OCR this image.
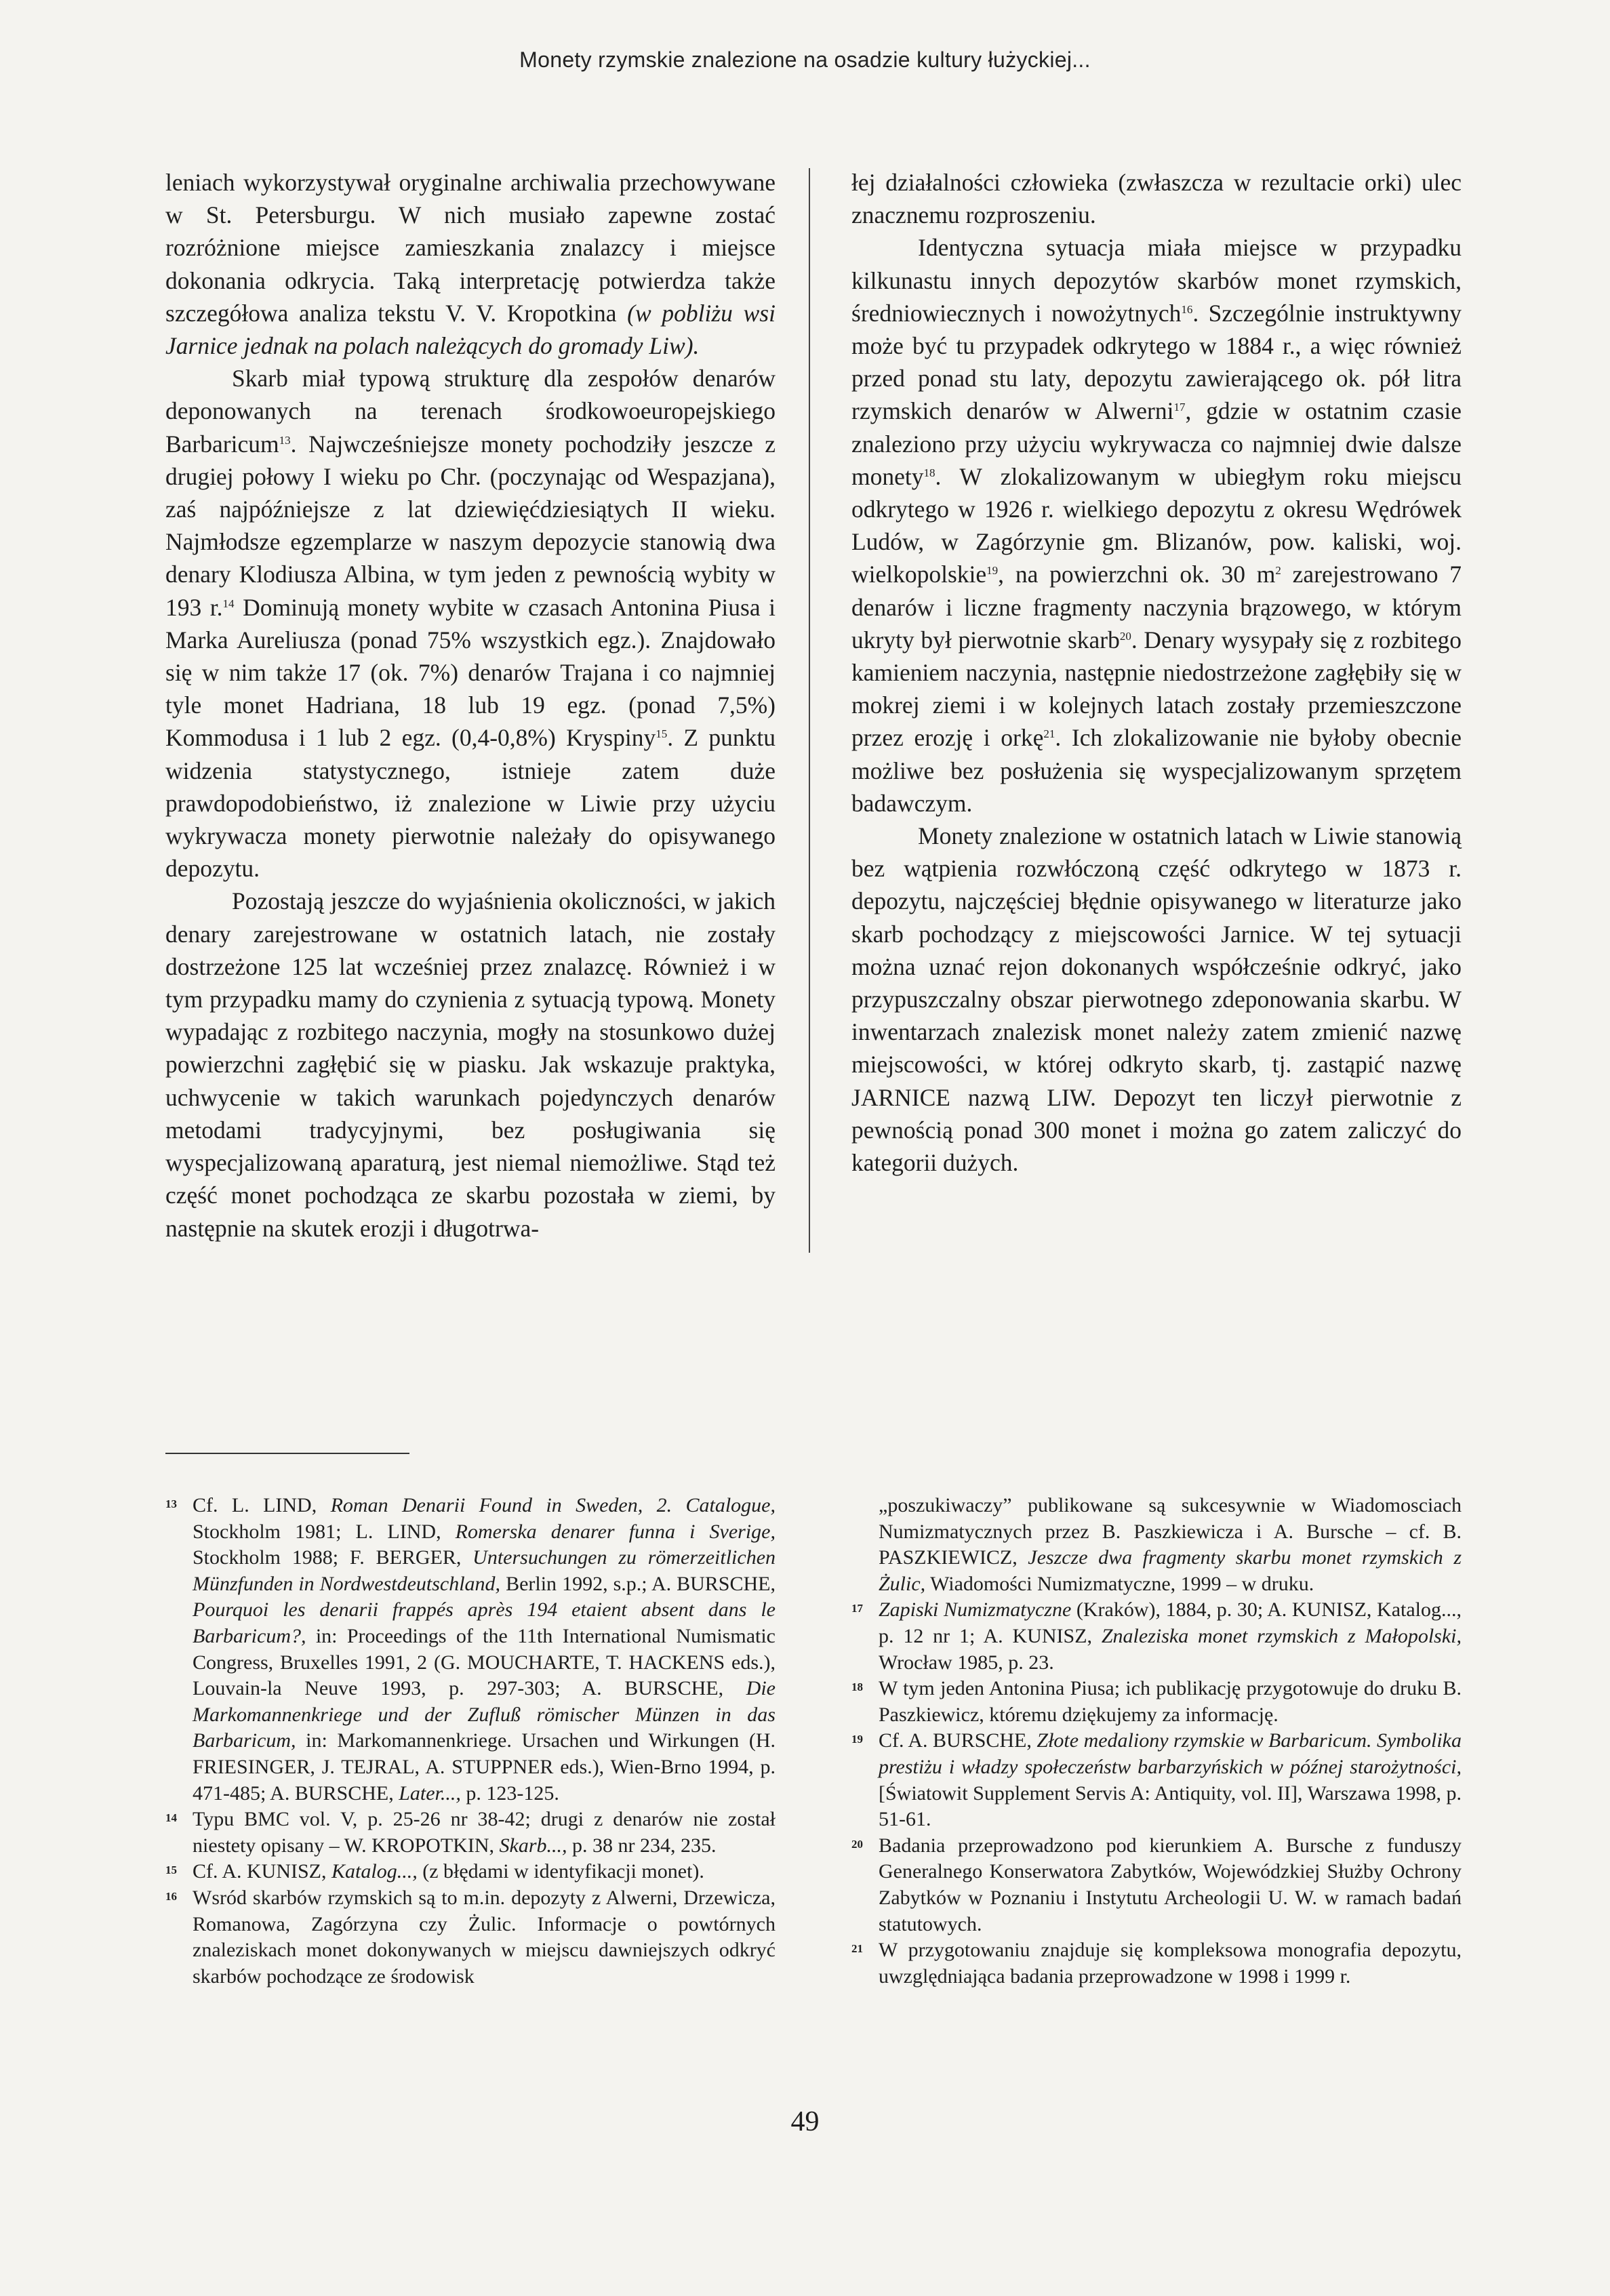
Monety rzymskie znalezione na osadzie kultury łużyckiej...

leniach wykorzystywał oryginalne archiwalia przechowywane w St. Petersburgu. W nich musiało zapewne zostać rozróżnione miejsce zamieszkania znalazcy i miejsce dokonania odkrycia. Taką interpretację potwierdza także szczegółowa analiza tekstu V. V. Kropotkina (w pobliżu wsi Jarnice jednak na polach należących do gromady Liw).

Skarb miał typową strukturę dla zespołów denarów deponowanych na terenach środkowoeuropejskiego Barbaricum$^{13}$. Najwcześniejsze monety pochodziły jeszcze z drugiej połowy I wieku po Chr. (poczynając od Wespazjana), zaś najpóźniejsze z lat dziewięćdziesiątych II wieku. Najmłodsze egzemplarze w naszym depozycie stanowią dwa denary Klodiusza Albina, w tym jeden z pewnością wybity w 193 r.$^{14}$ Dominują monety wybite w czasach Antonina Piusa i Marka Aureliusza (ponad 75% wszystkich egz.). Znajdowało się w nim także 17 (ok. 7%) denarów Trajana i co najmniej tyle monet Hadriana, 18 lub 19 egz. (ponad 7,5%) Kommodusa i 1 lub 2 egz. (0,4-0,8%) Kryspiny$^{15}$. Z punktu widzenia statystycznego, istnieje zatem duże prawdopodobieństwo, iż znalezione w Liwie przy użyciu wykrywacza monety pierwotnie należały do opisywanego depozytu.

Pozostają jeszcze do wyjaśnienia okoliczności, w jakich denary zarejestrowane w ostatnich latach, nie zostały dostrzeżone 125 lat wcześniej przez znalazcę. Również i w tym przypadku mamy do czynienia z sytuacją typową. Monety wypadając z rozbitego naczynia, mogły na stosunkowo dużej powierzchni zagłębić się w piasku. Jak wskazuje praktyka, uchwycenie w takich warunkach pojedynczych denarów metodami tradycyjnymi, bez posługiwania się wyspecjalizowaną aparaturą, jest niemal niemożliwe. Stąd też część monet pochodząca ze skarbu pozostała w ziemi, by następnie na skutek erozji i długotrwa-

łej działalności człowieka (zwłaszcza w rezultacie orki) ulec znacznemu rozproszeniu.

Identyczna sytuacja miała miejsce w przypadku kilkunastu innych depozytów skarbów monet rzymskich, średniowiecznych i nowożytnych$^{16}$. Szczególnie instruktywny może być tu przypadek odkrytego w 1884 r., a więc również przed ponad stu laty, depozytu zawierającego ok. pół litra rzymskich denarów w Alwerni$^{17}$, gdzie w ostatnim czasie znaleziono przy użyciu wykrywacza co najmniej dwie dalsze monety$^{18}$. W zlokalizowanym w ubiegłym roku miejscu odkrytego w 1926 r. wielkiego depozytu z okresu Wędrówek Ludów, w Zagórzynie gm. Blizanów, pow. kaliski, woj. wielkopolskie$^{19}$, na powierzchni ok. 30 $m^2$ zarejestrowano 7 denarów i liczne fragmenty naczynia brązowego, w którym ukryty był pierwotnie skarb$^{20}$. Denary wysypały się z rozbitego kamieniem naczynia, następnie niedostrzeżone zagłębiły się w mokrej ziemi i w kolejnych latach zostały przemieszczone przez erozję i orkę$^{21}$. Ich zlokalizowanie nie byłoby obecnie możliwe bez posłużenia się wyspecjalizowanym sprzętem badawczym.

Monety znalezione w ostatnich latach w Liwie stanowią bez wątpienia rozwłóczoną część odkrytego w 1873 r. depozytu, najczęściej błędnie opisywanego w literaturze jako skarb pochodzący z miejscowości Jarnice. W tej sytuacji można uznać rejon dokonanych współcześnie odkryć, jako przypuszczalny obszar pierwotnego zdeponowania skarbu. W inwentarzach znalezisk monet należy zatem zmienić nazwę miejscowości, w której odkryto skarb, tj. zastąpić nazwę JARNICE nazwą LIW. Depozyt ten liczył pierwotnie z pewnością ponad 300 monet i można go zatem zaliczyć do kategorii dużych.

13 Cf. L. LIND, Roman Denarii Found in Sweden, 2. Catalogue, Stockholm 1981; L. LIND, Romerska denarer funna i Sverige, Stockholm 1988; F. BERGER, Untersuchungen zu römerzeitlichen Münzfunden in Nordwestdeutschland, Berlin 1992, s.p.; A. BURSCHE, Pourquoi les denarii frappés après 194 etaient absent dans le Barbaricum?, in: Proceedings of the 11th International Numismatic Congress, Bruxelles 1991, 2 (G. MOUCHARTE, T. HACKENS eds.), Louvain-la Neuve 1993, p. 297-303; A. BURSCHE, Die Markomannenkriege und der Zufluß römischer Münzen in das Barbaricum, in: Markomannenkriege. Ursachen und Wirkungen (H. FRIESINGER, J. TEJRAL, A. STUPPNER eds.), Wien-Brno 1994, p. 471-485; A. BURSCHE, Later..., p. 123-125.

14 Typu BMC vol. V, p. 25-26 nr 38-42; drugi z denarów nie został niestety opisany – W. KROPOTKIN, Skarb..., p. 38 nr 234, 235.

15 Cf. A. KUNISZ, Katalog..., (z błędami w identyfikacji monet).

16 Wsród skarbów rzymskich są to m.in. depozyty z Alwerni, Drzewicza, Romanowa, Zagórzyna czy Żulic. Informacje o powtórnych znaleziskach monet dokonywanych w miejscu dawniejszych odkryć skarbów pochodzące ze środowisk

„poszukiwaczy” publikowane są sukcesywnie w Wiadomosciach Numizmatycznych przez B. Paszkiewicza i A. Bursche – cf. B. PASZKIEWICZ, Jeszcze dwa fragmenty skarbu monet rzymskich z Żulic, Wiadomości Numizmatyczne, 1999 – w druku.

17 Zapiski Numizmatyczne (Kraków), 1884, p. 30; A. KUNISZ, Katalog..., p. 12 nr 1; A. KUNISZ, Znaleziska monet rzymskich z Małopolski, Wrocław 1985, p. 23.

18 W tym jeden Antonina Piusa; ich publikację przygotowuje do druku B. Paszkiewicz, któremu dziękujemy za informację.

19 Cf. A. BURSCHE, Złote medaliony rzymskie w Barbaricum. Symbolika prestiżu i władzy społeczeństw barbarzyńskich w późnej starożytności, [Światowit Supplement Servis A: Antiquity, vol. II], Warszawa 1998, p. 51-61.

20 Badania przeprowadzono pod kierunkiem A. Bursche z funduszy Generalnego Konserwatora Zabytków, Wojewódzkiej Służby Ochrony Zabytków w Poznaniu i Instytutu Archeologii U. W. w ramach badań statutowych.

21 W przygotowaniu znajduje się kompleksowa monografia depozytu, uwzględniająca badania przeprowadzone w 1998 i 1999 r.

49
